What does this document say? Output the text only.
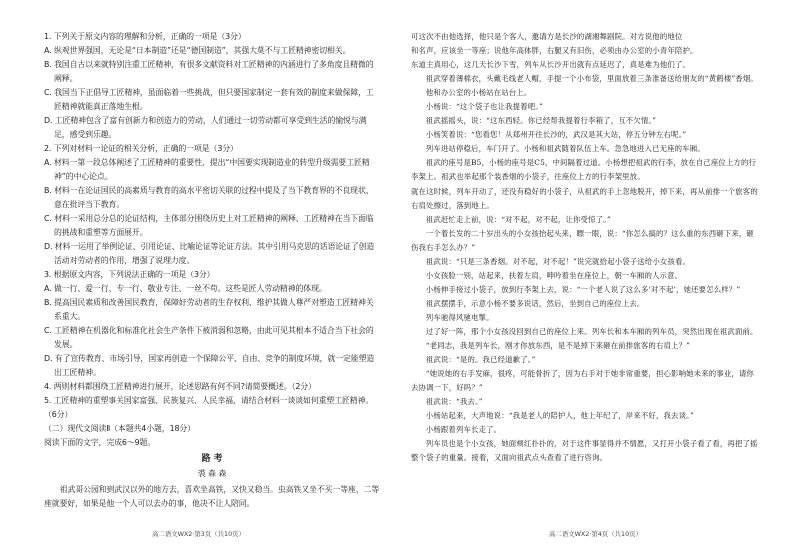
1. 下列关于原文内容的理解和分析，正确的一项是（3分）

A. 纵观世界强国，无论是“日本制造”还是“德国制造”，其强大莫不与工匠精神密切相关。

B. 我国自古以来就特别注重工匠精神，有很多文献资料对工匠精神的内涵进行了多角度且精微的阐释。

C. 我国当下正倡导工匠精神，虽面临着一些挑战，但只要国家制定一套有效的制度来做保障，工匠精神就能真正落地生根。

D. 工匠精神包含了富有创新力和创造力的劳动，人们通过一切劳动都可享受到生活的愉悦与满足，感受到乐趣。

2. 下列对材料一论证的相关分析，正确的一项是（3分）

A. 材料一第一段总体阐述了工匠精神的重要性，提出“中国要实现制造业的转型升级需要工匠精神”的中心论点。

B. 材料一在论证国民的高素质与教育的高水平密切关联的过程中提及了当下教育界的不良现状，意在批评当下教育。

C. 材料一采用总分总的论证结构，主体部分围绕历史上对工匠精神的阐释、工匠精神在当下面临的挑战和重塑等方面展开。

D. 材料一运用了举例论证、引用论证、比喻论证等论证方法。其中引用马克思的话语论证了创造活动对劳动者的作用，增强了说理力度。

3. 根据原文内容，下列说法正确的一项是（3分）

A. 做一行、爱一行、专一行、敬业专注、一丝不苟。这些是匠人劳动精神的体现。

B. 提高国民素质和改善国民教育，保障好劳动者的生存权利、维护其做人尊严对塑造工匠精神关系重大。

C. 工匠精神在机器化和标准化社会生产条件下被消弱和忽略，由此可见其根本不适合当下社会的发展。

D. 有了宣传教育、市场引导，国家再创造一个保障公平、自由、竞争的制度环境，就一定能塑造出工匠精神。

4. 两则材料都围绕工匠精神进行展开，论述思路有何不同?请简要概述。（2分）

5. 工匠精神的重塑事关国家富强、民族复兴、人民幸福，请结合材料一谈谈如何重塑工匠精神。（6分）

（二）现代文阅读Ⅱ（本题共4小题，18分）

阅读下面的文字，完成6～9题。

路 考

裘 森 森

祖武哥公园和到武汉以外的地方去，喜欢坐高铁，又快又稳当。虫高铁又坐不买一等座，二等座就要好，如果是他一个人可以去办的事，他决不让人陪同。

高二语文WX2·第3页（共10页）

可这次不由他选择，他只是个客人，邀请方是长沙的湖湘舞剧院。对方说他的地位

和名声，应该坐一等座；说他年高体胖，右腿又有旧伤，必须由办公室的小青年陪护。

东道主真用心，这几天长沙下雪，列车从长沙开出就有点延迟了，真是难为他们了。

祖武穿着薄棉衣，头戴毛线老人帽，手提一个小布袋，里面放着三条准备送给朋友的“黄鹤楼”香烟。

他和办公室的小杨站在站台上。

小杨说：“这个袋子也让我提着吧。”

祖武摇摇头，说：“这东西轻。你已经帮我提着行李箱了，互不欠情。”

小杨笑着说：“您看您！从郑州开往长沙的，武汉是其大站，停五分钟左右呢。”

列车进站停稳后，车门开了。小杨和祖武随着队伍上车。急急地进入已无座的车厢。

祖武的座号是B5，小杨的座号是C5，中间隔着过道。小杨想把祖武的行李，放在自己座位上方的行李架上。祖武也举起那个装香烟的小袋子，往座位上方的行李架里放。

就在这时候，列车开动了，还没有稳好的小袋子，从祖武的手上忽地脱开，掉下来，再从前排一个旅客的右肩处擦过，落到地上。

祖武赶忙走上前，说：“对不起，对不起，让你受惊了。”

一个着长发的二十岁出头的小女孩抬起头来，瞟一眼，说：“你怎么搞的？这么重的东西砸下来，砸伤我右手怎么办？”

祖武说：“只是三条香烟。对不起，对不起！”说完就拾起小袋子送给小女孩看。

小女孩脸一别，站起来，扶着左肩，呻吟着坐在座位上，朝一车厢的人示意。

小杨伸手接过小袋子，放到行李架上去，说：“一个老人说了这么多‘对不起’，她还要怎么样？”

祖武摆摆手，示意小杨不要多说话，然后，坐到自己的座位上去。

列车驰得风驰电掣。

过了好一阵，那个小女孩没回到自己的座位上来。列车长和本车厢的列车员，突然出现在祖武面前。

“老同志，我是列车长，刚才你放东西，是不是掉下来砸在前排旅客的右肩上？”

祖武说：“是的。我已经道歉了。”

“她说她的右手发麻，很疼，可能骨折了，因为右手对于她非常重要，担心影响她未来的事业，请你去协调一下，好吗？”

祖武说：“我去。”

小杨站起来，大声地说：“我是老人的陪护人，他上年纪了，岸来不好，我去谈。”

小杨跟着列车长走了。

列车员也是个小女孩，她面颊红扑扑的，对于这件事显得并不情愿，又打开小袋子看了看，再把了摇整个袋子的重量。接着，又面向祖武点头查看了进行咨询。

高二语文WX2·第4页（共10页）
